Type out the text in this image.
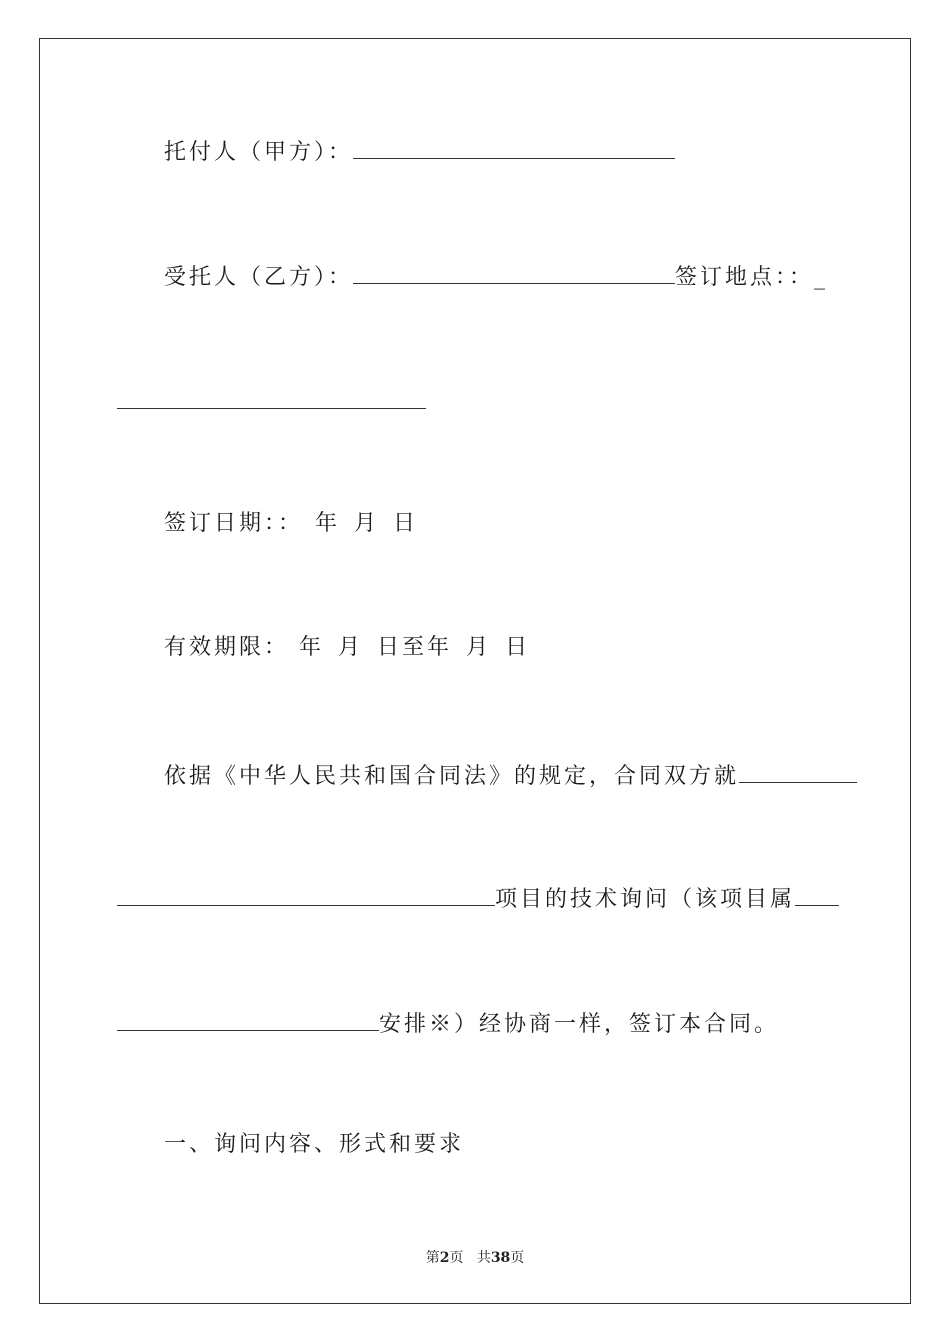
托付人（甲方）：
受托人（乙方）：	签订地点：：_
签订日期：： 年 月 日
有效期限： 年 月 日至年 月 日
依据《中华人民共和国合同法》的规定，合同双方就
项目的技术询问（该项目属
安排※）经协商一样，签订本合同。
一、询问内容、形式和要求
第2页 共38页
